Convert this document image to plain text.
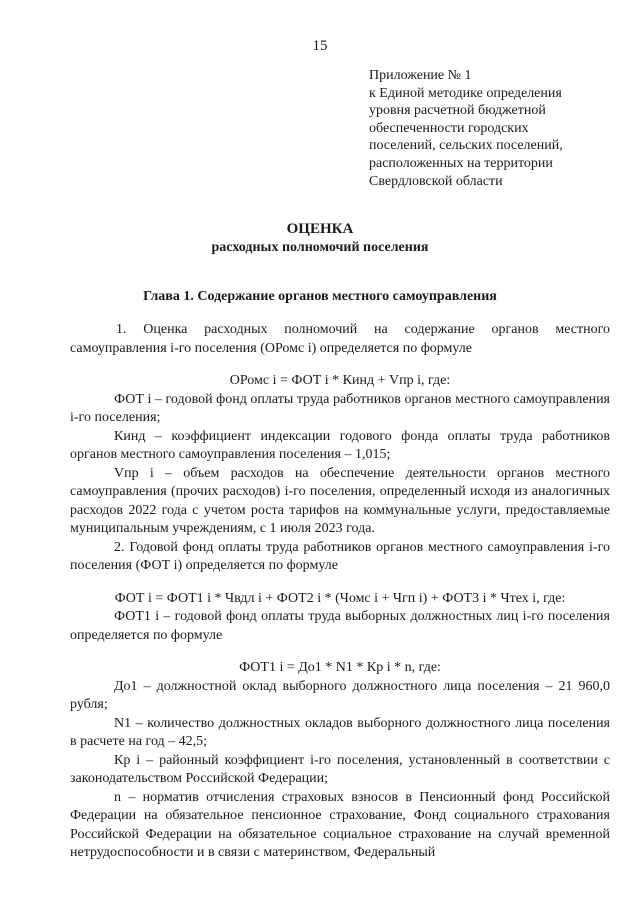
15
Приложение № 1
к Единой методике определения
уровня расчетной бюджетной
обеспеченности городских
поселений, сельских поселений,
расположенных на территории
Свердловской области
ОЦЕНКА
расходных полномочий поселения
Глава 1. Содержание органов местного самоуправления

1. Оценка расходных полномочий на содержание органов местного самоуправления i-го поселения (ОРомс i) определяется по формуле

ОРомс i = ФОТ i * Кинд + Vпр i, где:

ФОТ i – годовой фонд оплаты труда работников органов местного самоуправления i-го поселения;

Кинд – коэффициент индексации годового фонда оплаты труда работников органов местного самоуправления поселения – 1,015;

Vпр i – объем расходов на обеспечение деятельности органов местного самоуправления (прочих расходов) i-го поселения, определенный исходя из аналогичных расходов 2022 года с учетом роста тарифов на коммунальные услуги, предоставляемые муниципальным учреждениям, с 1 июля 2023 года.

2. Годовой фонд оплаты труда работников органов местного самоуправления i-го поселения (ФОТ i) определяется по формуле

ФОТ i = ФОТ1 i * Чвдл i + ФОТ2 i * (Чомс i + Чгп i) + ФОТ3 i * Чтех i, где:

ФОТ1 i – годовой фонд оплаты труда выборных должностных лиц i-го поселения определяется по формуле

ФОТ1 i = До1 * N1 * Кр i * n, где:

До1 – должностной оклад выборного должностного лица поселения – 21 960,0 рубля;

N1 – количество должностных окладов выборного должностного лица поселения в расчете на год – 42,5;

Кр i – районный коэффициент i-го поселения, установленный в соответствии с законодательством Российской Федерации;

n – норматив отчисления страховых взносов в Пенсионный фонд Российской Федерации на обязательное пенсионное страхование, Фонд социального страхования Российской Федерации на обязательное социальное страхование на случай временной нетрудоспособности и в связи с материнством, Федеральный
